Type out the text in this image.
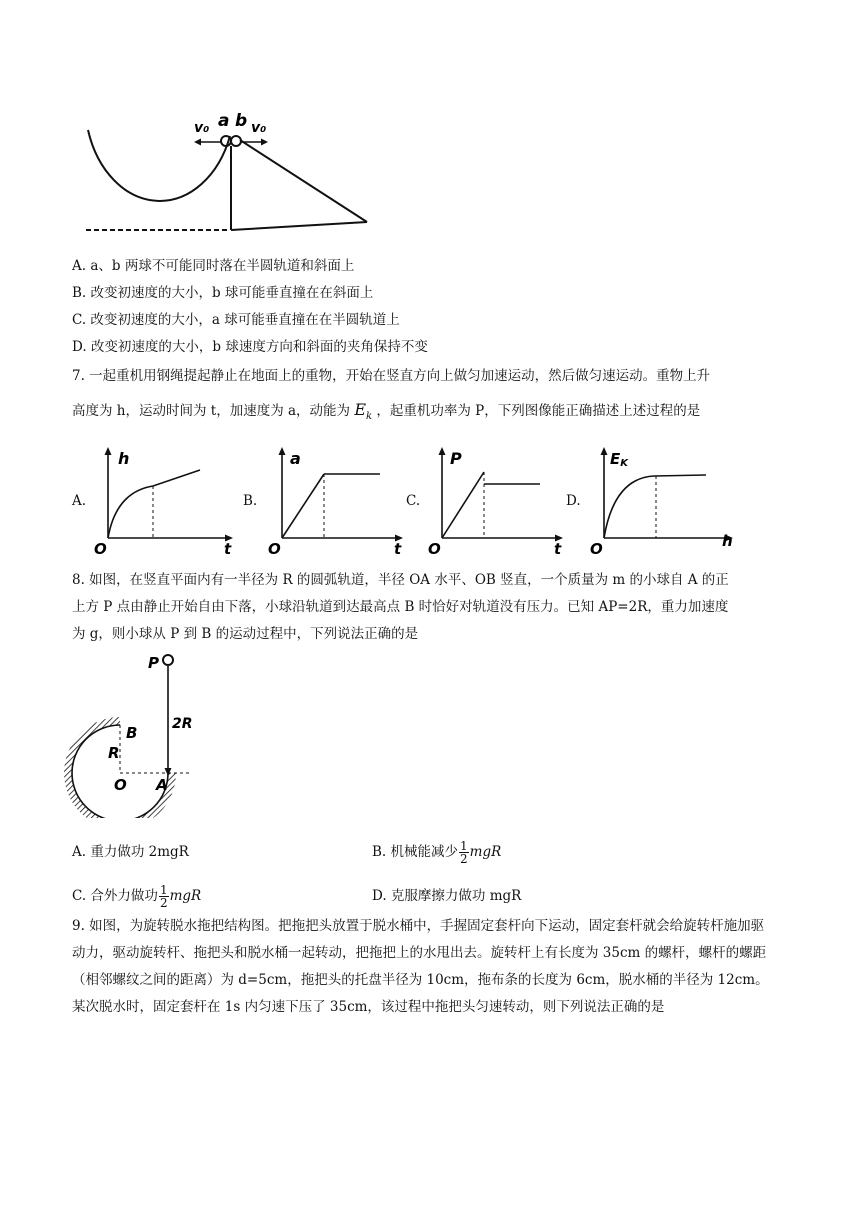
v₀ a b v₀
A. a、b 两球不可能同时落在半圆轨道和斜面上
B. 改变初速度的大小，b 球可能垂直撞在在斜面上
C. 改变初速度的大小，a 球可能垂直撞在在半圆轨道上
D. 改变初速度的大小，b 球速度方向和斜面的夹角保持不变
7. 一起重机用钢绳提起静止在地面上的重物，开始在竖直方向上做匀加速运动，然后做匀速运动。重物上升
高度为 h，运动时间为 t，加速度为 a，动能为 $E_k$ ，起重机功率为 P，下列图像能正确描述上述过程的是
A.
h
t
O
B.
a
t
O
C.
P
t
O
D.
EK
h
O
8. 如图，在竖直平面内有一半径为 R 的圆弧轨道，半径 OA 水平、OB 竖直，一个质量为 m 的小球自 A 的正
上方 P 点由静止开始自由下落，小球沿轨道到达最高点 B 时恰好对轨道没有压力。已知 AP=2R，重力加速度
为 g，则小球从 P 到 B 的运动过程中，下列说法正确的是
P
2R
B
R
O A
A. 重力做功 2mgR	B. 机械能减少 $\frac{1}{2}$ mgR
C. 合外力做功 $\frac{1}{2}$ mgR	D. 克服摩擦力做功 mgR
9. 如图，为旋转脱水拖把结构图。把拖把头放置于脱水桶中，手握固定套杆向下运动，固定套杆就会给旋转杆施加驱动力，驱动旋转杆、拖把头和脱水桶一起转动，把拖把上的水甩出去。旋转杆上有长度为 35cm 的螺杆，螺杆的螺距（相邻螺纹之间的距离）为 d=5cm，拖把头的托盘半径为 10cm，拖布条的长度为 6cm，脱水桶的半径为 12cm。某次脱水时，固定套杆在 1s 内匀速下压了 35cm，该过程中拖把头匀速转动，则下列说法正确的是
